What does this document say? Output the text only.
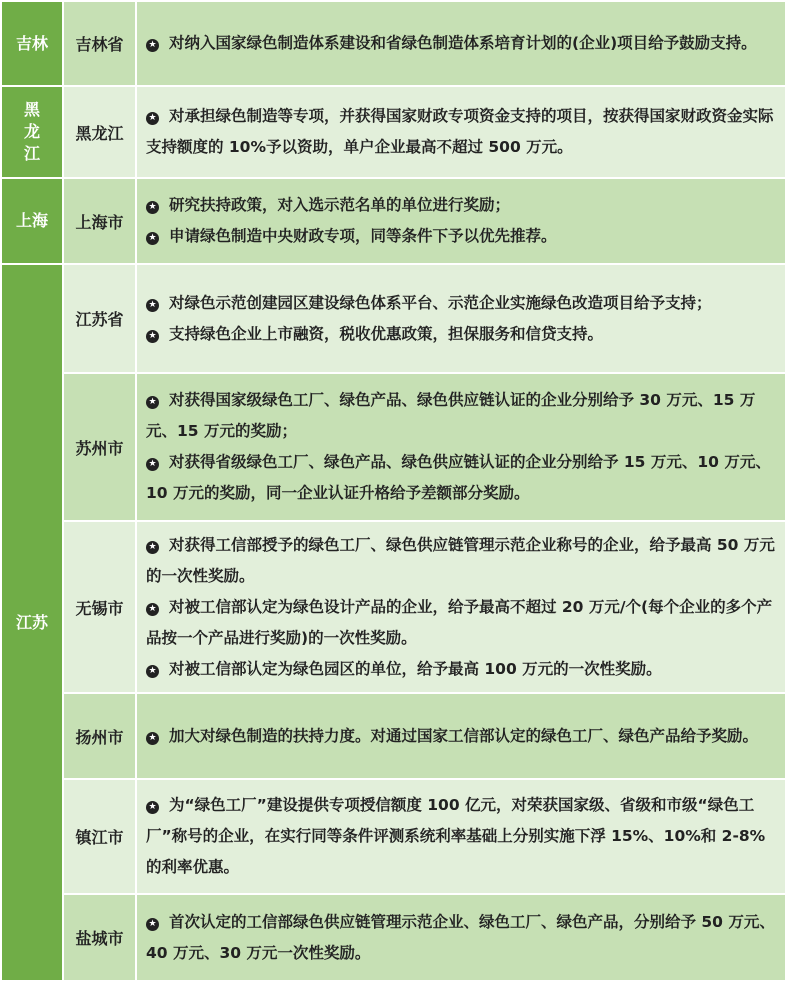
吉林	吉林省	★ 对纳入国家绿色制造体系建设和省绿色制造体系培育计划的(企业)项目给予鼓励支持。

黑龙江	黑龙江	★ 对承担绿色制造等专项，并获得国家财政专项资金支持的项目，按获得国家财政资金实际支持额度的 10%予以资助，单户企业最高不超过 500 万元。

上海	上海市	★ 研究扶持政策，对入选示范名单的单位进行奖励；
★ 申请绿色制造中央财政专项，同等条件下予以优先推荐。

江苏	江苏省	★ 对绿色示范创建园区建设绿色体系平台、示范企业实施绿色改造项目给予支持；
★ 支持绿色企业上市融资，税收优惠政策，担保服务和信贷支持。

	苏州市	★ 对获得国家级绿色工厂、绿色产品、绿色供应链认证的企业分别给予 30 万元、15 万元、15 万元的奖励；
★ 对获得省级绿色工厂、绿色产品、绿色供应链认证的企业分别给予 15 万元、10 万元、10 万元的奖励，同一企业认证升格给予差额部分奖励。

	无锡市	★ 对获得工信部授予的绿色工厂、绿色供应链管理示范企业称号的企业，给予最高 50 万元的一次性奖励。
★ 对被工信部认定为绿色设计产品的企业，给予最高不超过 20 万元/个(每个企业的多个产品按一个产品进行奖励)的一次性奖励。
★ 对被工信部认定为绿色园区的单位，给予最高 100 万元的一次性奖励。

	扬州市	★ 加大对绿色制造的扶持力度。对通过国家工信部认定的绿色工厂、绿色产品给予奖励。

	镇江市	★ 为“绿色工厂”建设提供专项授信额度 100 亿元，对荣获国家级、省级和市级“绿色工厂”称号的企业，在实行同等条件评测系统利率基础上分别实施下浮 15%、10%和 2-8%的利率优惠。

	盐城市	★ 首次认定的工信部绿色供应链管理示范企业、绿色工厂、绿色产品，分别给予 50 万元、40 万元、30 万元一次性奖励。
